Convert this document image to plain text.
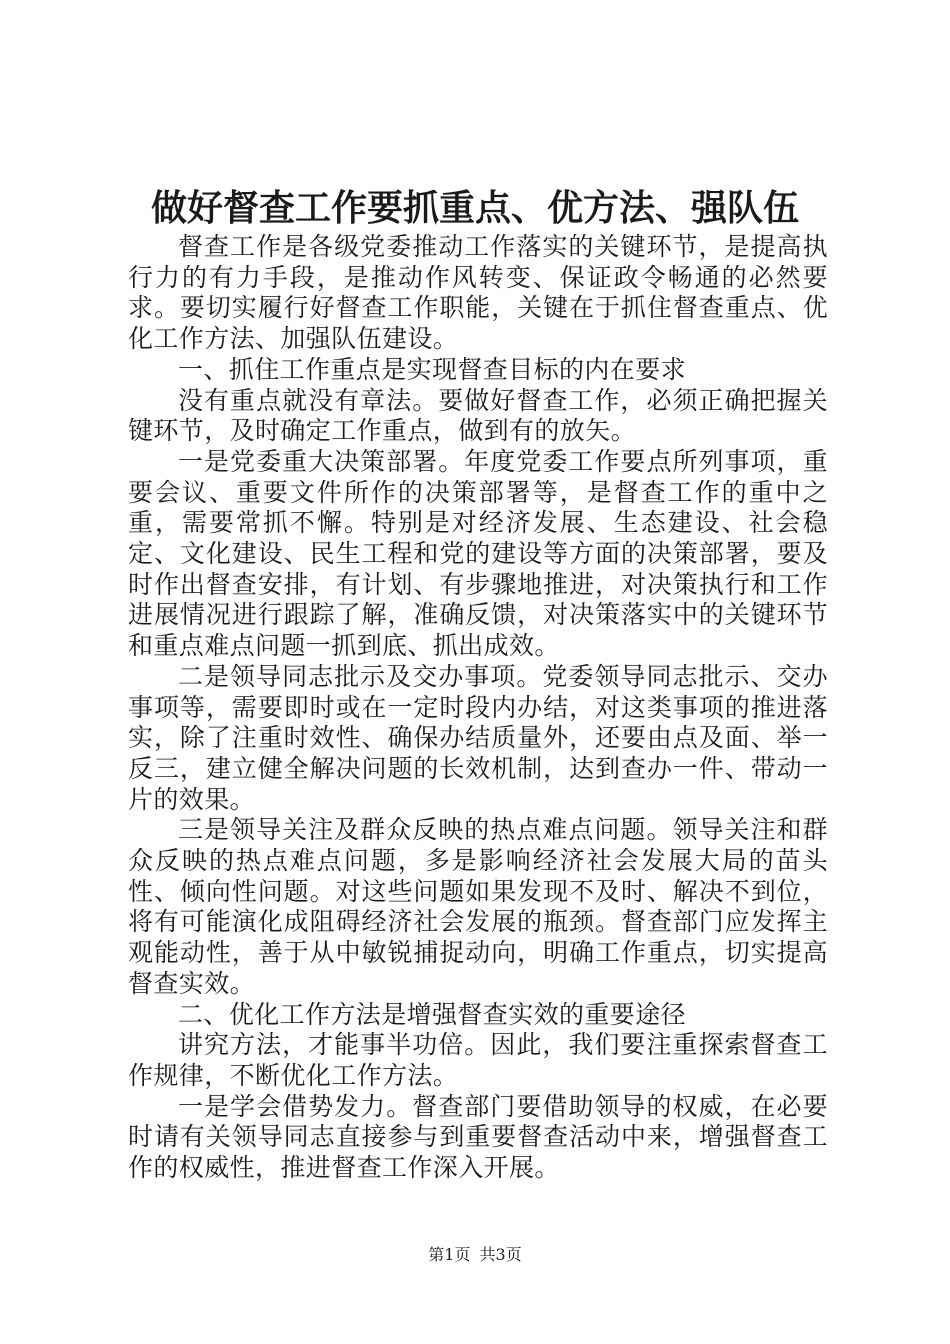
做好督查工作要抓重点、优方法、强队伍

督查工作是各级党委推动工作落实的关键环节，是提高执行力的有力手段，是推动作风转变、保证政令畅通的必然要求。要切实履行好督查工作职能，关键在于抓住督查重点、优化工作方法、加强队伍建设。

一、抓住工作重点是实现督查目标的内在要求

没有重点就没有章法。要做好督查工作，必须正确把握关键环节，及时确定工作重点，做到有的放矢。

一是党委重大决策部署。年度党委工作要点所列事项，重要会议、重要文件所作的决策部署等，是督查工作的重中之重，需要常抓不懈。特别是对经济发展、生态建设、社会稳定、文化建设、民生工程和党的建设等方面的决策部署，要及时作出督查安排，有计划、有步骤地推进，对决策执行和工作进展情况进行跟踪了解，准确反馈，对决策落实中的关键环节和重点难点问题一抓到底、抓出成效。

二是领导同志批示及交办事项。党委领导同志批示、交办事项等，需要即时或在一定时段内办结，对这类事项的推进落实，除了注重时效性、确保办结质量外，还要由点及面、举一反三，建立健全解决问题的长效机制，达到查办一件、带动一片的效果。

三是领导关注及群众反映的热点难点问题。领导关注和群众反映的热点难点问题，多是影响经济社会发展大局的苗头性、倾向性问题。对这些问题如果发现不及时、解决不到位，将有可能演化成阻碍经济社会发展的瓶颈。督查部门应发挥主观能动性，善于从中敏锐捕捉动向，明确工作重点，切实提高督查实效。

二、优化工作方法是增强督查实效的重要途径

讲究方法，才能事半功倍。因此，我们要注重探索督查工作规律，不断优化工作方法。

一是学会借势发力。督查部门要借助领导的权威，在必要时请有关领导同志直接参与到重要督查活动中来，增强督查工作的权威性，推进督查工作深入开展。

第1页 共3页
